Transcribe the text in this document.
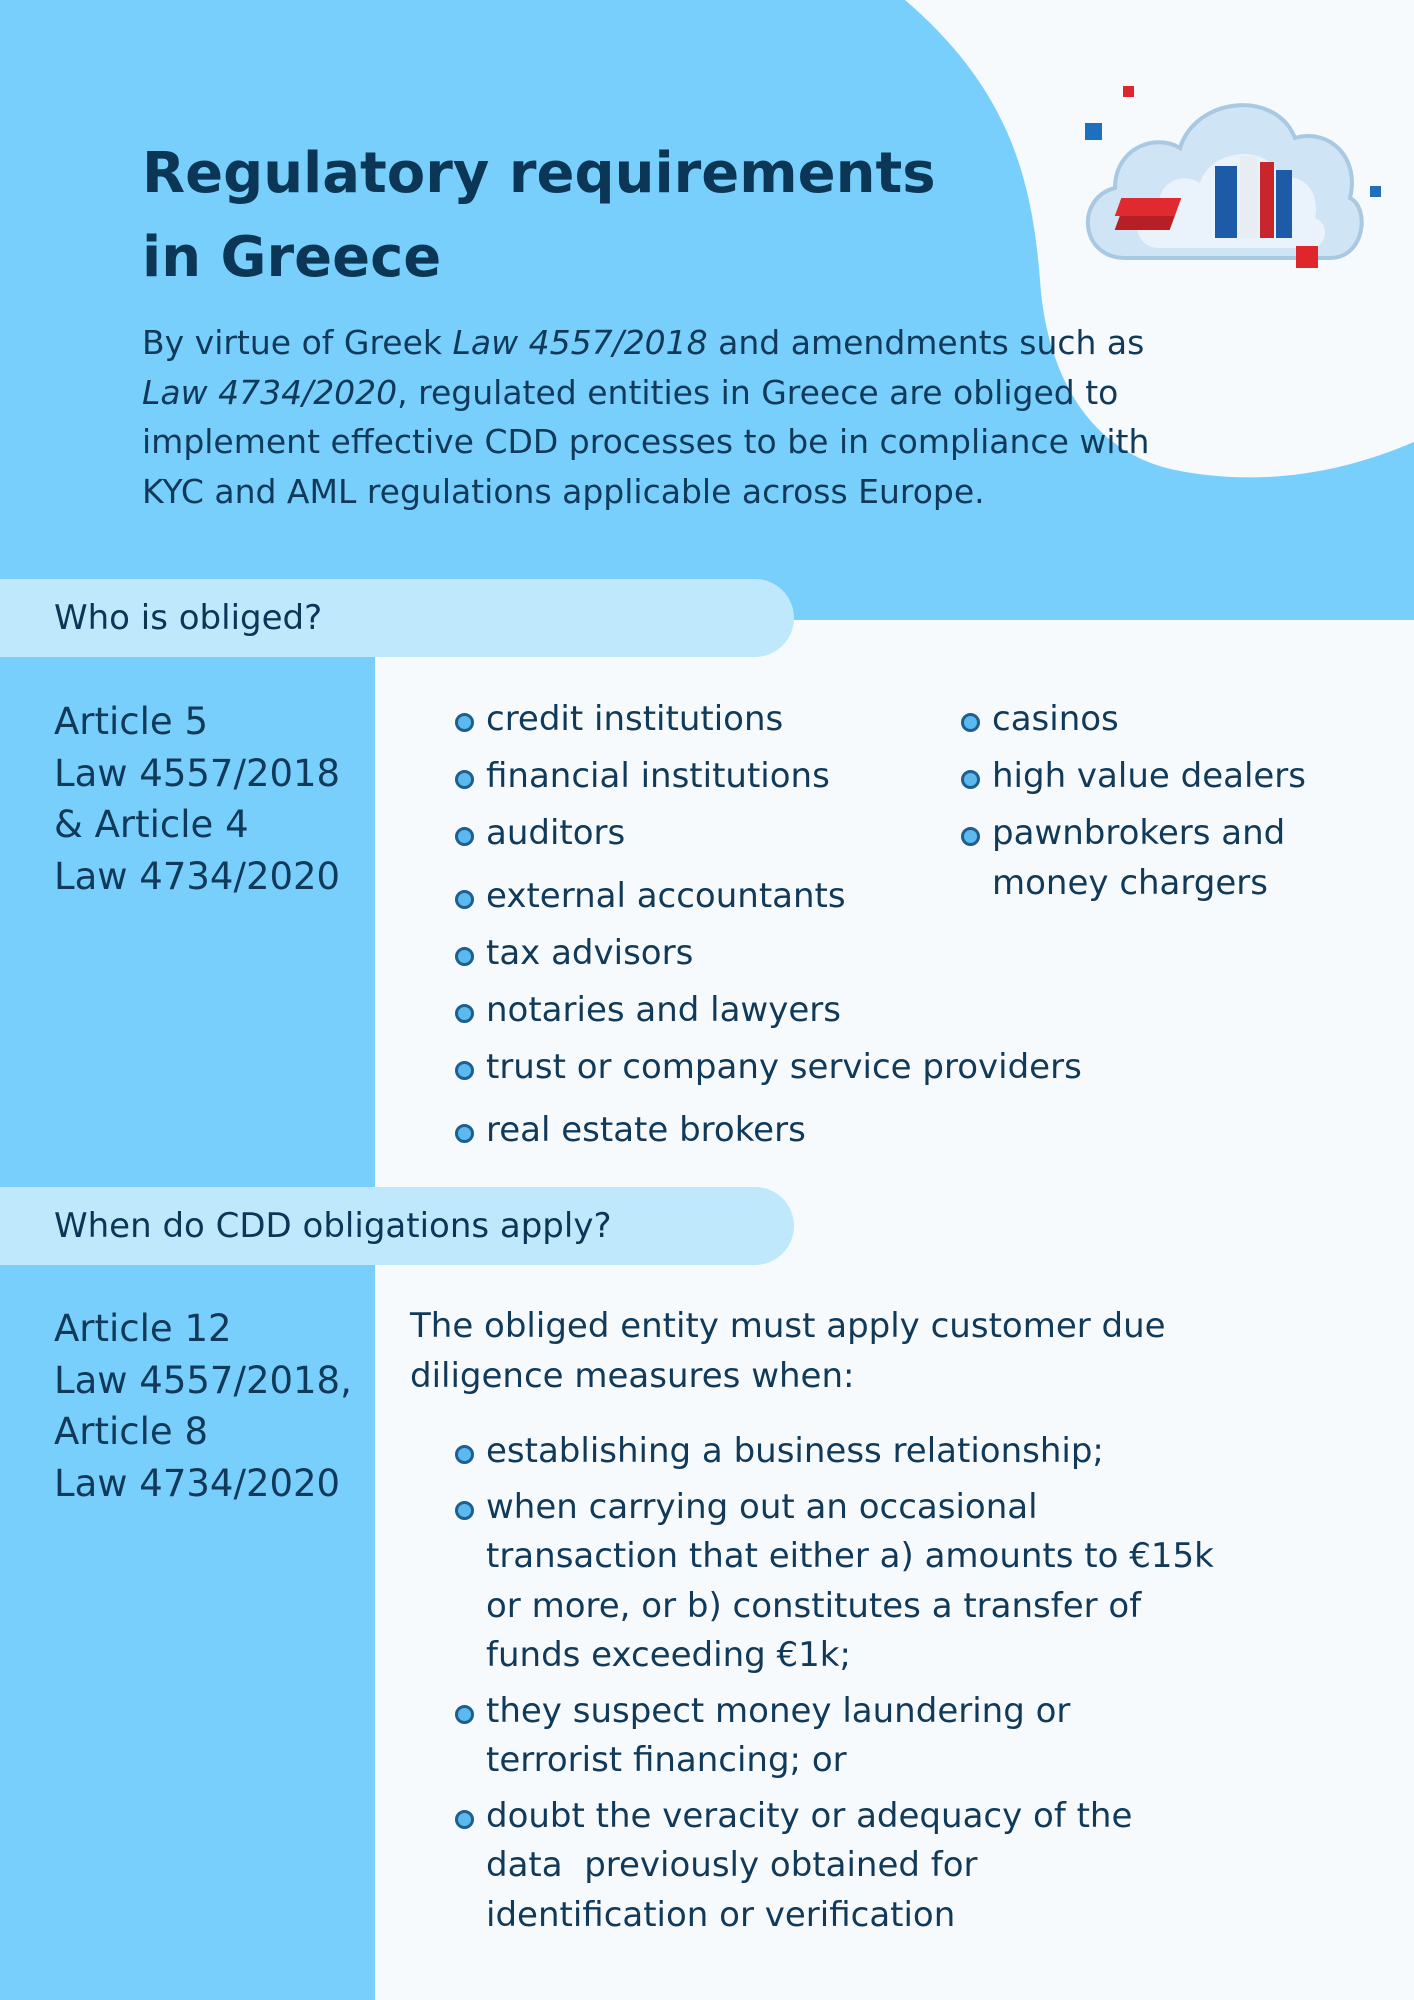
Regulatory requirements
in Greece

By virtue of Greek Law 4557/2018 and amendments such as
Law 4734/2020, regulated entities in Greece are obliged to
implement effective CDD processes to be in compliance with
KYC and AML regulations applicable across Europe.

Who is obliged?

Article 5
Law 4557/2018
& Article 4
Law 4734/2020

credit institutions
financial institutions
auditors
external accountants
tax advisors
notaries and lawyers
trust or company service providers
real estate brokers
casinos
high value dealers
pawnbrokers and
money chargers
When do CDD obligations apply?

Article 12
Law 4557/2018,
Article 8
Law 4734/2020

The obliged entity must apply customer due
diligence measures when:

establishing a business relationship;
when carrying out an occasional
transaction that either a) amounts to €15k
or more, or b) constitutes a transfer of
funds exceeding €1k;
they suspect money laundering or
terrorist financing; or
doubt the veracity or adequacy of the
data  previously obtained for
identification or verification
